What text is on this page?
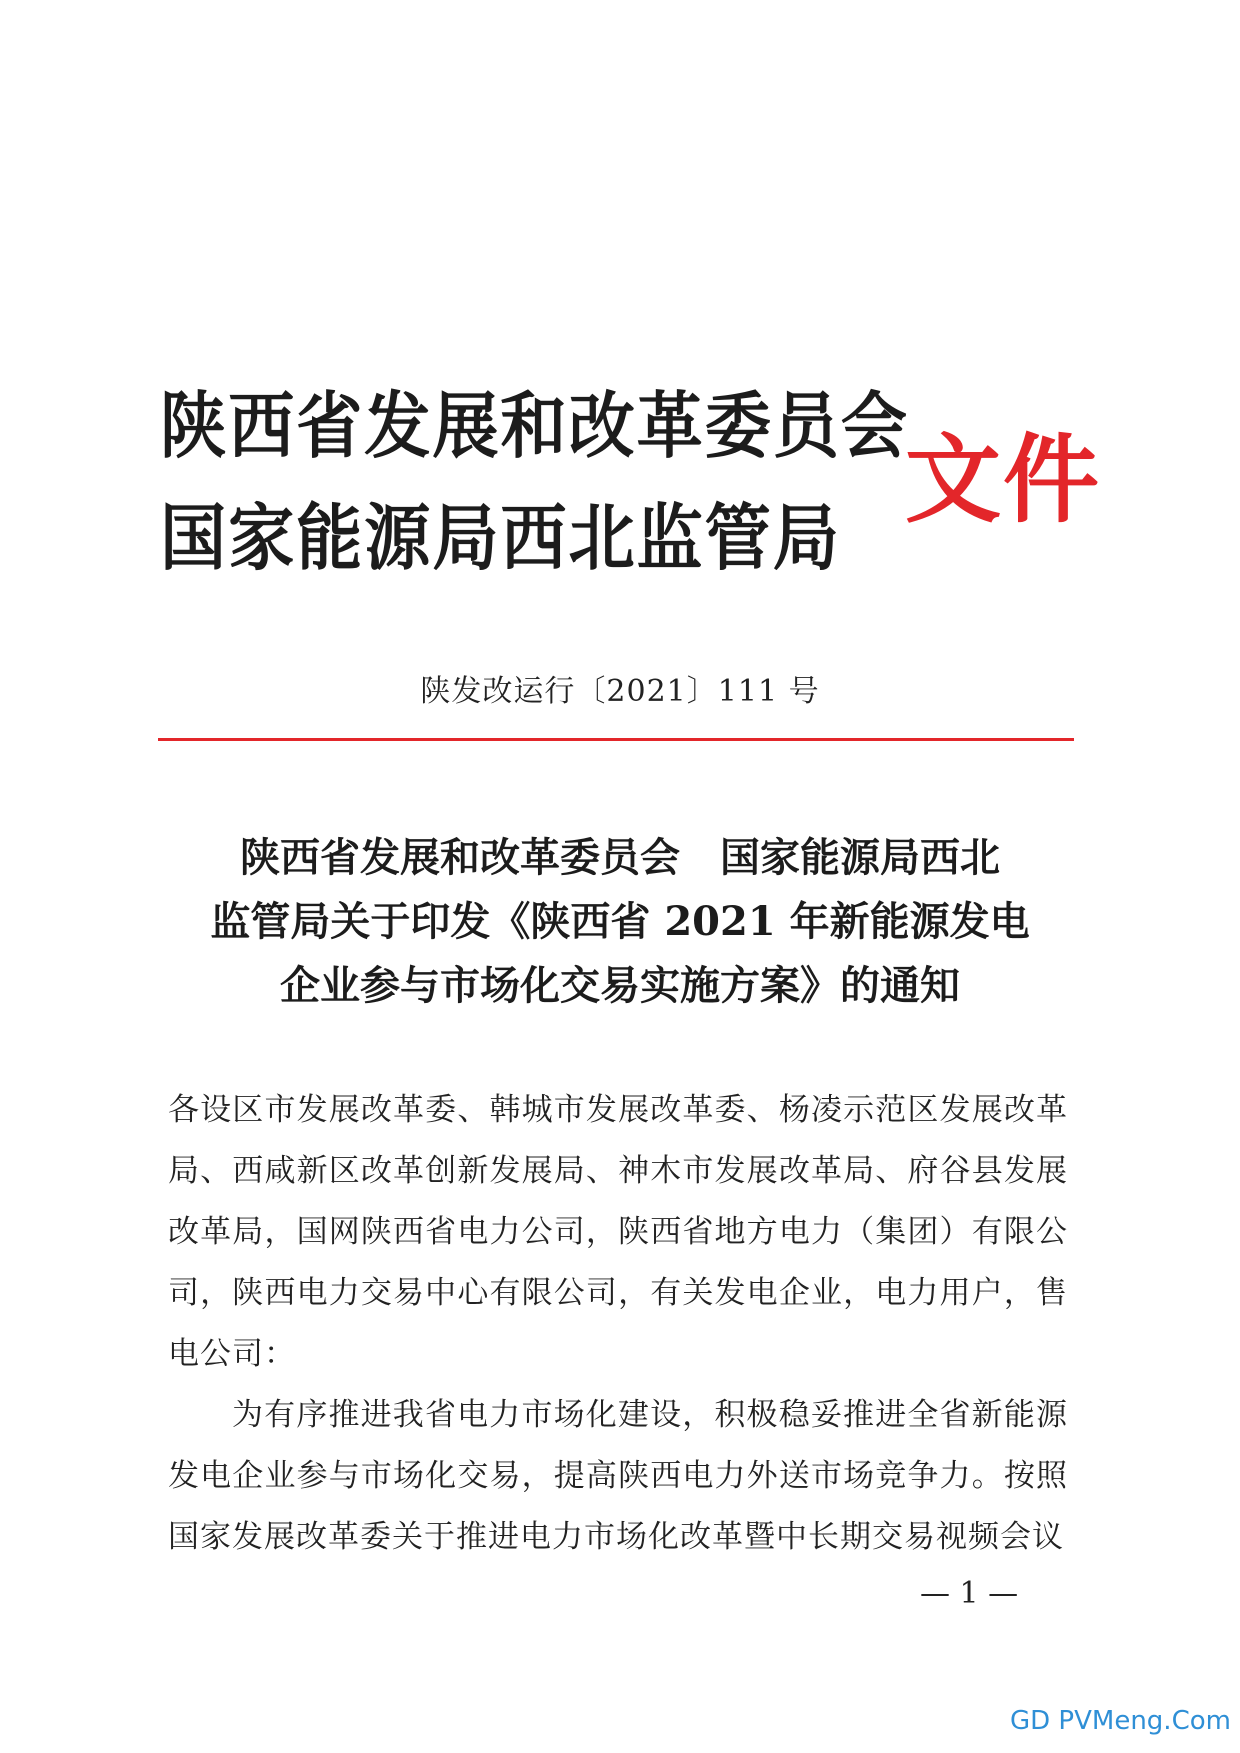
陕西省发展和改革委员会
国家能源局西北监管局
文件
陕发改运行〔2021〕111 号
陕西省发展和改革委员会　国家能源局西北
监管局关于印发《陕西省 2021 年新能源发电
企业参与市场化交易实施方案》的通知

各设区市发展改革委、韩城市发展改革委、杨凌示范区发展改革局、西咸新区改革创新发展局、神木市发展改革局、府谷县发展改革局，国网陕西省电力公司，陕西省地方电力（集团）有限公司，陕西电力交易中心有限公司，有关发电企业，电力用户，售电公司：

为有序推进我省电力市场化建设，积极稳妥推进全省新能源发电企业参与市场化交易，提高陕西电力外送市场竞争力。按照国家发展改革委关于推进电力市场化改革暨中长期交易视频会议

— 1 —
GD PVMeng.Com
